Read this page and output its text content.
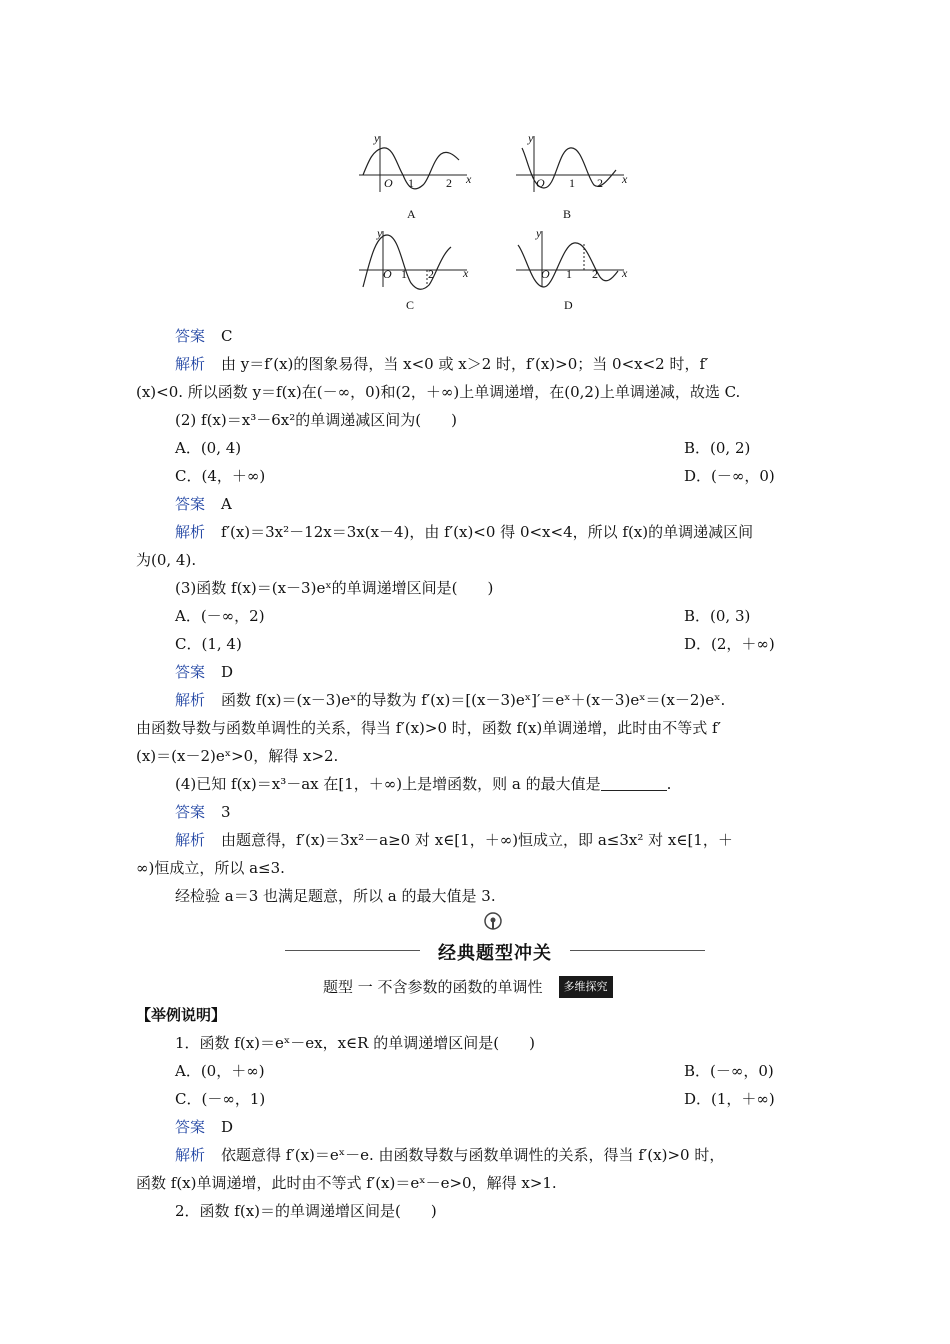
y
x
O 1	2
A
y
x
O 1 2
B
y
x
O 1 2
C
y
x
O 1 2
D
答案 C
解析 由 y＝f′(x)的图象易得，当 x<0 或 x＞2 时，f′(x)>0；当 0<x<2 时，f′
(x)<0. 所以函数 y＝f(x)在(－∞，0)和(2，＋∞)上单调递增，在(0,2)上单调递减，故选 C.
(2) f(x)＝x³－6x²的单调递减区间为(　　)
A．(0, 4)	B．(0, 2)
C．(4，＋∞)	D．(－∞，0)
答案 A
解析 f′(x)＝3x²－12x＝3x(x－4)，由 f′(x)<0 得 0<x<4，所以 f(x)的单调递减区间
为(0, 4).
(3)函数 f(x)＝(x－3)eˣ的单调递增区间是(　　)
A．(－∞，2)	B．(0, 3)
C．(1, 4)	D．(2，＋∞)
答案 D
解析 函数 f(x)＝(x－3)eˣ的导数为 f′(x)＝[(x－3)eˣ]′＝eˣ＋(x－3)eˣ＝(x－2)eˣ.
由函数导数与函数单调性的关系，得当 f′(x)>0 时，函数 f(x)单调递增，此时由不等式 f′
(x)＝(x－2)eˣ>0，解得 x>2.
(4)已知 f(x)＝x³－ax 在[1，＋∞)上是增函数，则 a 的最大值是	.
答案 3
解析 由题意得，f′(x)＝3x²－a≥0 对 x∈[1，＋∞)恒成立，即 a≤3x² 对 x∈[1，＋
∞)恒成立，所以 a≤3.
经检验 a＝3 也满足题意，所以 a 的最大值是 3.
经典题型冲关
题型 一 不含参数的函数的单调性 多维探究
【举例说明】
1．函数 f(x)＝eˣ－ex，x∈R 的单调递增区间是(　　)
A．(0，＋∞)	B．(－∞，0)
C．(－∞，1)	D．(1，＋∞)
答案 D
解析 依题意得 f′(x)＝eˣ－e. 由函数导数与函数单调性的关系，得当 f′(x)>0 时，
函数 f(x)单调递增，此时由不等式 f′(x)＝eˣ－e>0，解得 x>1.
2．函数 f(x)＝的单调递增区间是(　　)
